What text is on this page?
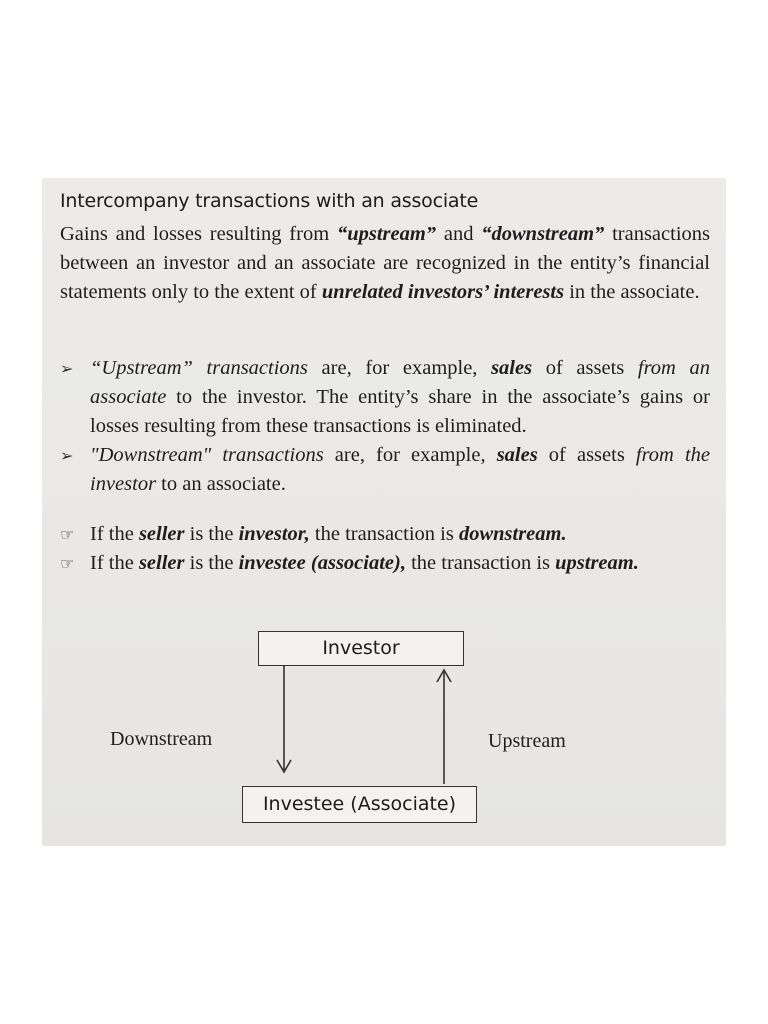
Intercompany transactions with an associate

Gains and losses resulting from “upstream” and “downstream” transactions between an investor and an associate are recognized in the entity’s financial statements only to the extent of unrelated investors’ interests in the associate.

➢ “Upstream” transactions are, for example, sales of assets from an associate to the investor. The entity’s share in the associate’s gains or losses resulting from these transactions is eliminated.
➢ "Downstream" transactions are, for example, sales of assets from the investor to an associate.
☞ If the seller is the investor, the transaction is downstream.
☞ If the seller is the investee (associate), the transaction is upstream.
Investor
Investee (Associate)
Downstream	Upstream
